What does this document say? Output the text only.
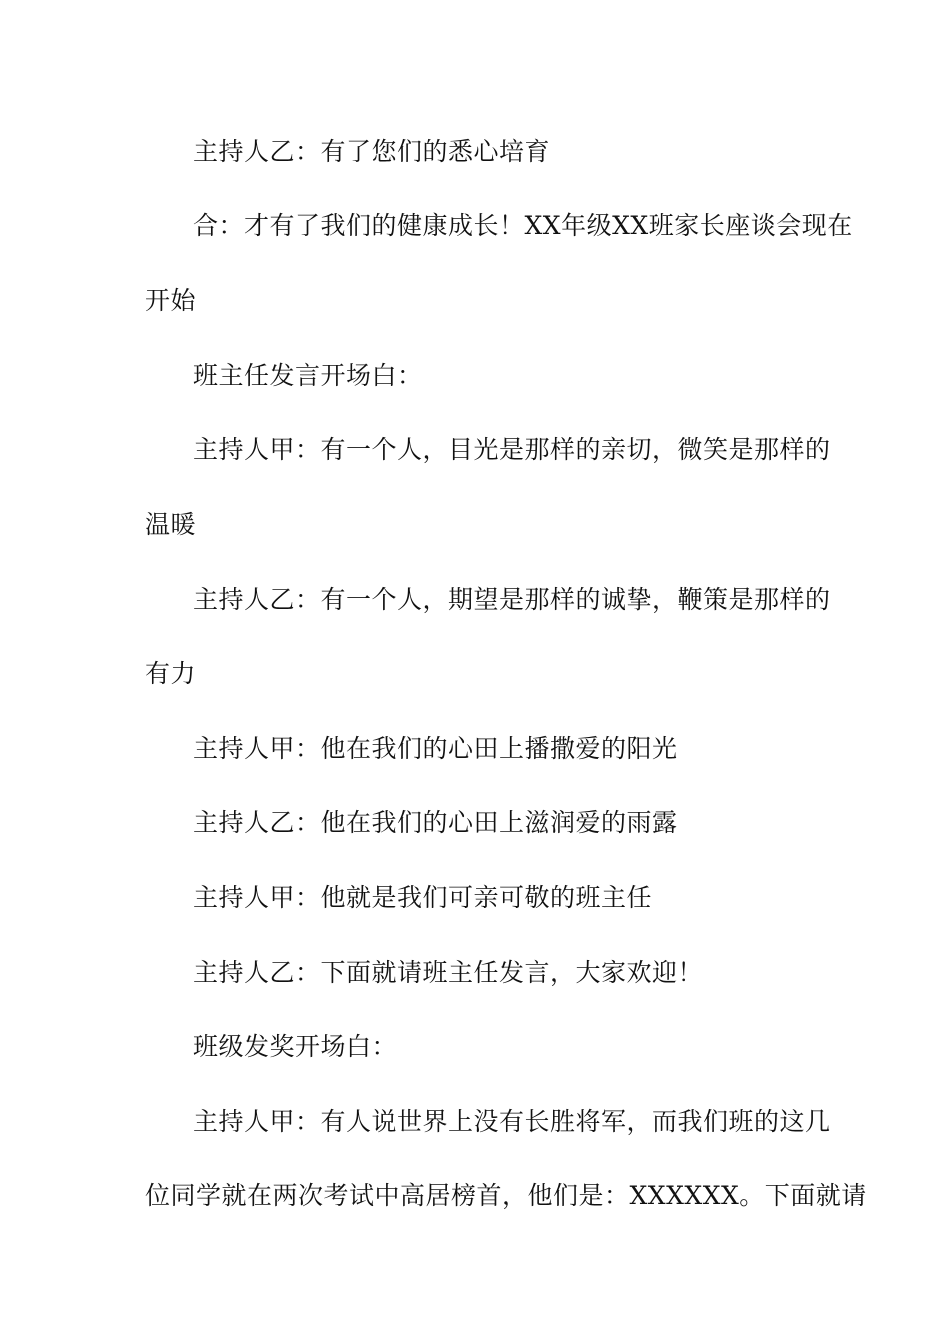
主持人乙：有了您们的悉心培育
合：才有了我们的健康成长！XX年级XX班家长座谈会现在
开始
班主任发言开场白：
主持人甲：有一个人，目光是那样的亲切，微笑是那样的
温暖
主持人乙：有一个人，期望是那样的诚挚，鞭策是那样的
有力
主持人甲：他在我们的心田上播撒爱的阳光
主持人乙：他在我们的心田上滋润爱的雨露
主持人甲：他就是我们可亲可敬的班主任
主持人乙：下面就请班主任发言，大家欢迎！
班级发奖开场白：
主持人甲：有人说世界上没有长胜将军，而我们班的这几
位同学就在两次考试中高居榜首，他们是：XXXXXX。下面就请
